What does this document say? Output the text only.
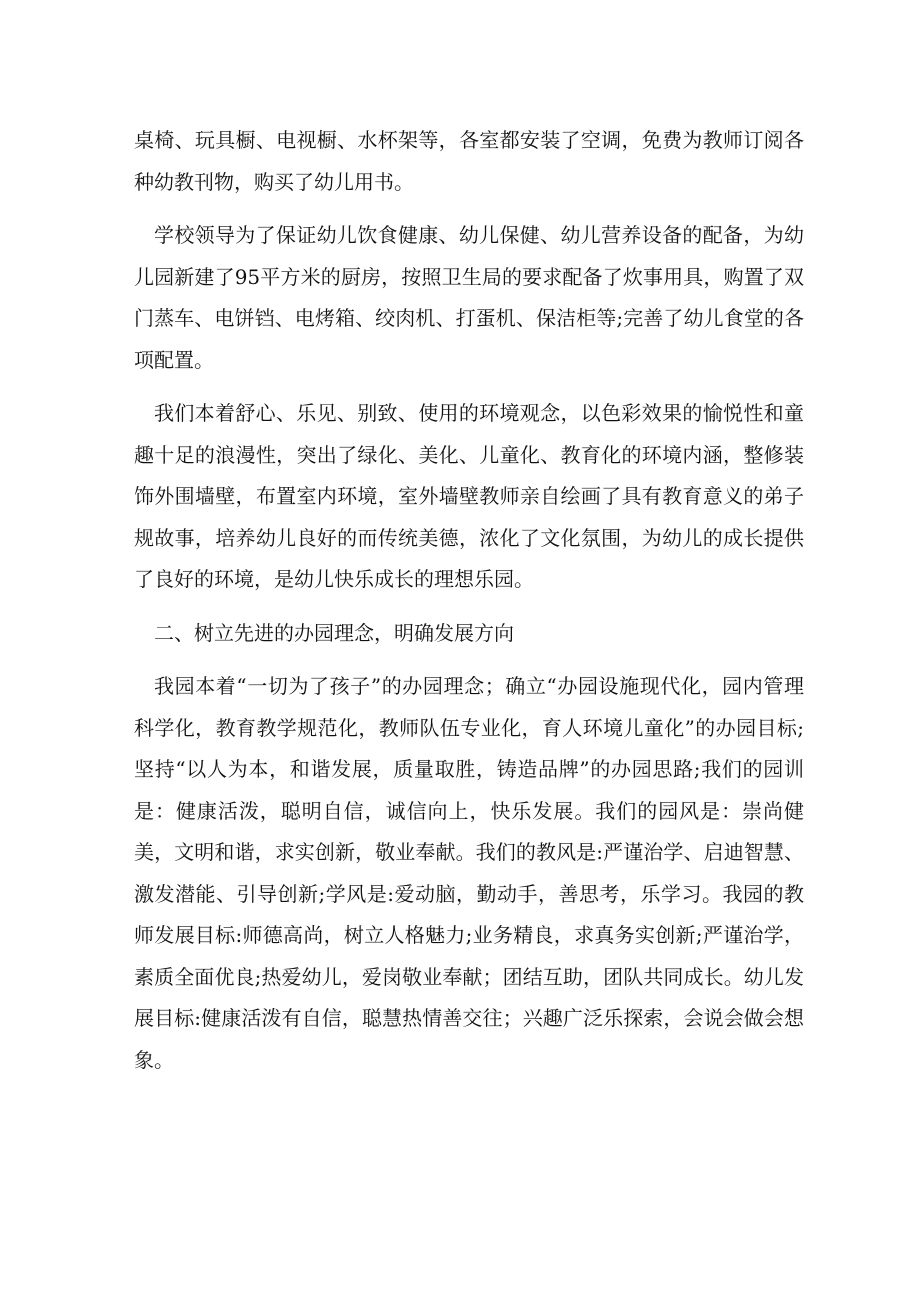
桌椅、玩具橱、电视橱、水杯架等，各室都安装了空调，免费为教师订阅各种幼教刊物，购买了幼儿用书。

学校领导为了保证幼儿饮食健康、幼儿保健、幼儿营养设备的配备，为幼儿园新建了95平方米的厨房，按照卫生局的要求配备了炊事用具，购置了双门蒸车、电饼铛、电烤箱、绞肉机、打蛋机、保洁柜等;完善了幼儿食堂的各项配置。

我们本着舒心、乐见、别致、使用的环境观念，以色彩效果的愉悦性和童趣十足的浪漫性，突出了绿化、美化、儿童化、教育化的环境内涵，整修装饰外围墙壁，布置室内环境，室外墙壁教师亲自绘画了具有教育意义的弟子规故事，培养幼儿良好的而传统美德，浓化了文化氛围，为幼儿的成长提供了良好的环境，是幼儿快乐成长的理想乐园。

二、树立先进的办园理念，明确发展方向

我园本着“一切为了孩子”的办园理念；确立“办园设施现代化，园内管理科学化，教育教学规范化，教师队伍专业化，育人环境儿童化”的办园目标;坚持“以人为本，和谐发展，质量取胜，铸造品牌”的办园思路;我们的园训是：健康活泼，聪明自信，诚信向上，快乐发展。我们的园风是：崇尚健美，文明和谐，求实创新，敬业奉献。我们的教风是:严谨治学、启迪智慧、激发潜能、引导创新;学风是:爱动脑，勤动手，善思考，乐学习。我园的教师发展目标:师德高尚，树立人格魅力;业务精良，求真务实创新;严谨治学，素质全面优良;热爱幼儿，爱岗敬业奉献；团结互助，团队共同成长。幼儿发展目标:健康活泼有自信，聪慧热情善交往；兴趣广泛乐探索，会说会做会想象。
